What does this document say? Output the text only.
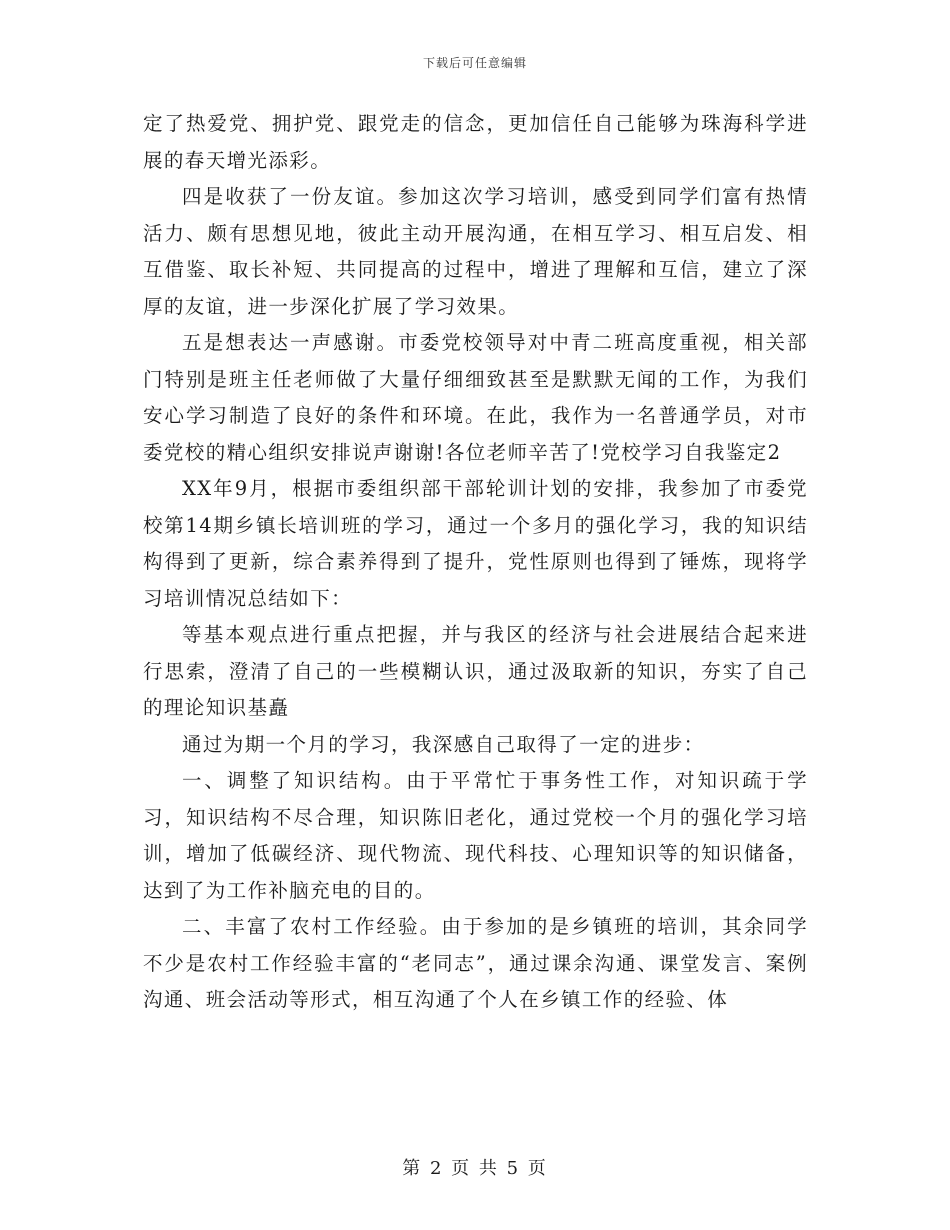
下载后可任意编辑

定了热爱党、拥护党、跟党走的信念，更加信任自己能够为珠海科学进展的春天增光添彩。

四是收获了一份友谊。参加这次学习培训，感受到同学们富有热情活力、颇有思想见地，彼此主动开展沟通，在相互学习、相互启发、相互借鉴、取长补短、共同提高的过程中，增进了理解和互信，建立了深厚的友谊，进一步深化扩展了学习效果。

五是想表达一声感谢。市委党校领导对中青二班高度重视，相关部门特别是班主任老师做了大量仔细细致甚至是默默无闻的工作，为我们安心学习制造了良好的条件和环境。在此，我作为一名普通学员，对市委党校的精心组织安排说声谢谢!各位老师辛苦了!党校学习自我鉴定2

XX年9月，根据市委组织部干部轮训计划的安排，我参加了市委党校第14期乡镇长培训班的学习，通过一个多月的强化学习，我的知识结构得到了更新，综合素养得到了提升，党性原则也得到了锤炼，现将学习培训情况总结如下：

等基本观点进行重点把握，并与我区的经济与社会进展结合起来进行思索，澄清了自己的一些模糊认识，通过汲取新的知识，夯实了自己的理论知识基矗

通过为期一个月的学习，我深感自己取得了一定的进步：

一、调整了知识结构。由于平常忙于事务性工作，对知识疏于学习，知识结构不尽合理，知识陈旧老化，通过党校一个月的强化学习培训，增加了低碳经济、现代物流、现代科技、心理知识等的知识储备，达到了为工作补脑充电的目的。

二、丰富了农村工作经验。由于参加的是乡镇班的培训，其余同学不少是农村工作经验丰富的“老同志”，通过课余沟通、课堂发言、案例沟通、班会活动等形式，相互沟通了个人在乡镇工作的经验、体

第 2 页 共 5 页
